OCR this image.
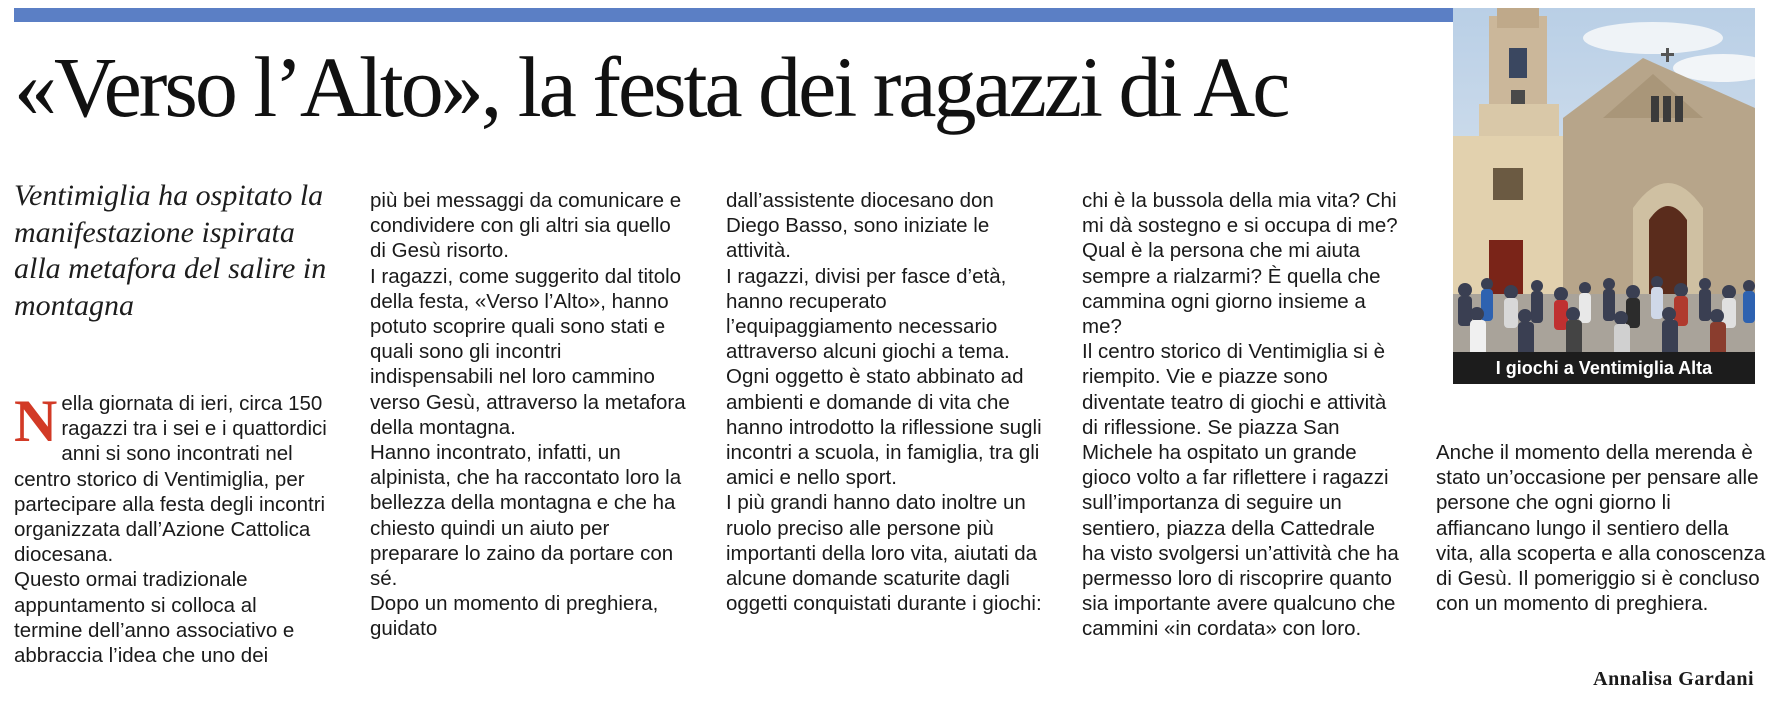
«Verso l’Alto», la festa dei ragazzi di Ac
Ventimiglia ha ospitato la manifestazione ispirata alla metafora del salire in montagna
N ella giornata di ieri, circa 150 ragazzi tra i sei e i quattordici anni si sono incontrati nel centro storico di Ventimiglia, per partecipare alla festa degli incontri organizzata dall’Azione Cattolica diocesana.

Questo ormai tradizionale appuntamento si colloca al termine dell’anno associativo e abbraccia l’idea che uno dei

più bei messaggi da comunicare e condividere con gli altri sia quello di Gesù risorto.

I ragazzi, come suggerito dal titolo della festa, «Verso l’Alto», hanno potuto scoprire quali sono stati e quali sono gli incontri indispensabili nel loro cammino verso Gesù, attraverso la metafora della montagna.

Hanno incontrato, infatti, un alpinista, che ha raccontato loro la bellezza della montagna e che ha chiesto quindi un aiuto per preparare lo zaino da portare con sé.

Dopo un momento di preghiera, guidato

dall’assistente diocesano don Diego Basso, sono iniziate le attività.

I ragazzi, divisi per fasce d’età, hanno recuperato l’equipaggiamento necessario attraverso alcuni giochi a tema.

Ogni oggetto è stato abbinato ad ambienti e domande di vita che hanno introdotto la riflessione sugli incontri a scuola, in famiglia, tra gli amici e nello sport.

I più grandi hanno dato inoltre un ruolo preciso alle persone più importanti della loro vita, aiutati da alcune domande scaturite dagli oggetti conquistati durante i giochi:

chi è la bussola della mia vita? Chi mi dà sostegno e si occupa di me? Qual è la persona che mi aiuta sempre a rialzarmi? È quella che cammina ogni giorno insieme a me?

Il centro storico di Ventimiglia si è riempito. Vie e piazze sono diventate teatro di giochi e attività di riflessione. Se piazza San Michele ha ospitato un grande gioco volto a far riflettere i ragazzi sull’importanza di seguire un sentiero, piazza della Cattedrale ha visto svolgersi un’attività che ha permesso loro di riscoprire quanto sia importante avere qualcuno che cammini «in cordata» con loro.

I giochi a Ventimiglia Alta

Anche il momento della merenda è stato un’occasione per pensare alle persone che ogni giorno li affiancano lungo il sentiero della vita, alla scoperta e alla conoscenza di Gesù. Il pomeriggio si è concluso con un momento di preghiera.

Annalisa Gardani
